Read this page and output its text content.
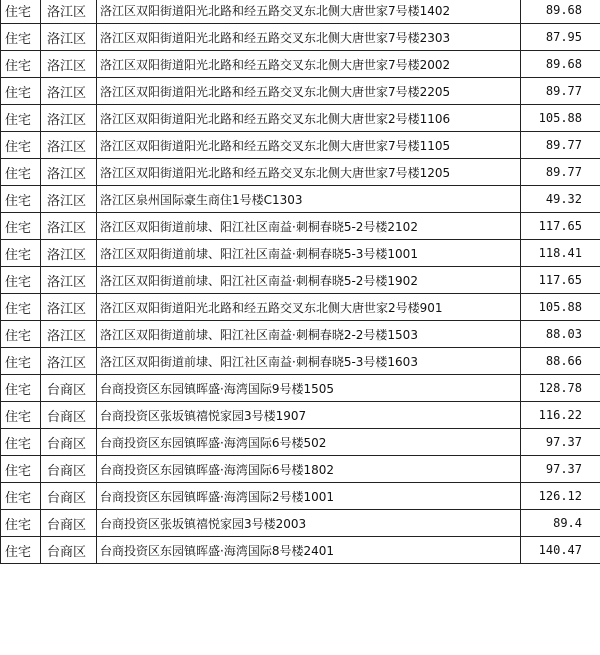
住宅	洛江区	洛江区双阳街道阳光北路和经五路交叉东北侧大唐世家7号楼1402	89.68
住宅	洛江区	洛江区双阳街道阳光北路和经五路交叉东北侧大唐世家7号楼2303	87.95
住宅	洛江区	洛江区双阳街道阳光北路和经五路交叉东北侧大唐世家7号楼2002	89.68
住宅	洛江区	洛江区双阳街道阳光北路和经五路交叉东北侧大唐世家7号楼2205	89.77
住宅	洛江区	洛江区双阳街道阳光北路和经五路交叉东北侧大唐世家2号楼1106	105.88
住宅	洛江区	洛江区双阳街道阳光北路和经五路交叉东北侧大唐世家7号楼1105	89.77
住宅	洛江区	洛江区双阳街道阳光北路和经五路交叉东北侧大唐世家7号楼1205	89.77
住宅	洛江区	洛江区泉州国际豪生商住1号楼C1303	49.32
住宅	洛江区	洛江区双阳街道前埭、阳江社区南益·刺桐春晓5-2号楼2102	117.65
住宅	洛江区	洛江区双阳街道前埭、阳江社区南益·刺桐春晓5-3号楼1001	118.41
住宅	洛江区	洛江区双阳街道前埭、阳江社区南益·刺桐春晓5-2号楼1902	117.65
住宅	洛江区	洛江区双阳街道阳光北路和经五路交叉东北侧大唐世家2号楼901	105.88
住宅	洛江区	洛江区双阳街道前埭、阳江社区南益·刺桐春晓2-2号楼1503	88.03
住宅	洛江区	洛江区双阳街道前埭、阳江社区南益·刺桐春晓5-3号楼1603	88.66
住宅	台商区	台商投资区东园镇晖盛·海湾国际9号楼1505	128.78
住宅	台商区	台商投资区张坂镇禧悦家园3号楼1907	116.22
住宅	台商区	台商投资区东园镇晖盛·海湾国际6号楼502	97.37
住宅	台商区	台商投资区东园镇晖盛·海湾国际6号楼1802	97.37
住宅	台商区	台商投资区东园镇晖盛·海湾国际2号楼1001	126.12
住宅	台商区	台商投资区张坂镇禧悦家园3号楼2003	89.4
住宅	台商区	台商投资区东园镇晖盛·海湾国际8号楼2401	140.47
